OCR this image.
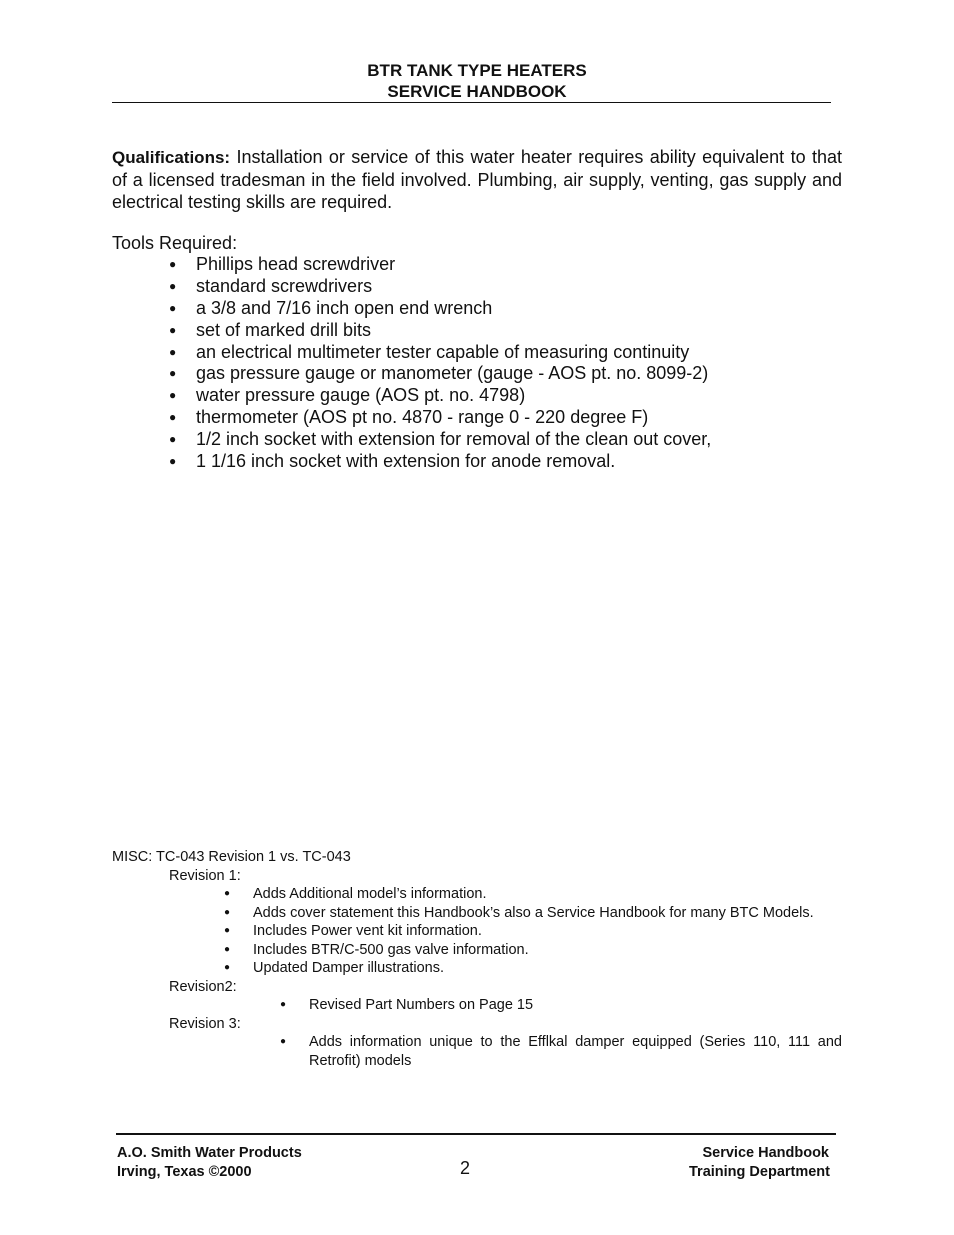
BTR TANK TYPE HEATERS
SERVICE HANDBOOK
Qualifications: Installation or service of this water heater requires ability equivalent to that of a licensed tradesman in the field involved. Plumbing, air supply, venting, gas supply and electrical testing skills are required.
Tools Required:
● Phillips head screwdriver
● standard screwdrivers
● a 3/8 and 7/16 inch open end wrench
● set of marked drill bits
● an electrical multimeter tester capable of measuring continuity
● gas pressure gauge or manometer (gauge - AOS pt. no. 8099-2)
● water pressure gauge (AOS pt. no. 4798)
● thermometer (AOS pt no. 4870 - range 0 - 220 degree F)
● 1/2 inch socket with extension for removal of the clean out cover,
● 1 1/16 inch socket with extension for anode removal.
MISC: TC-043 Revision 1 vs. TC-043
Revision 1:
● Adds Additional model’s information.
● Adds cover statement this Handbook’s also a Service Handbook for many BTC Models.
● Includes Power vent kit information.
● Includes BTR/C-500 gas valve information.
● Updated Damper illustrations.
Revision2:
● Revised Part Numbers on Page 15
Revision 3:
● Adds information unique to the Efflkal damper equipped (Series 110, 111 and Retrofit) models
A.O. Smith Water Products
Irving, Texas ©2000	2
Service Handbook
Training Department
